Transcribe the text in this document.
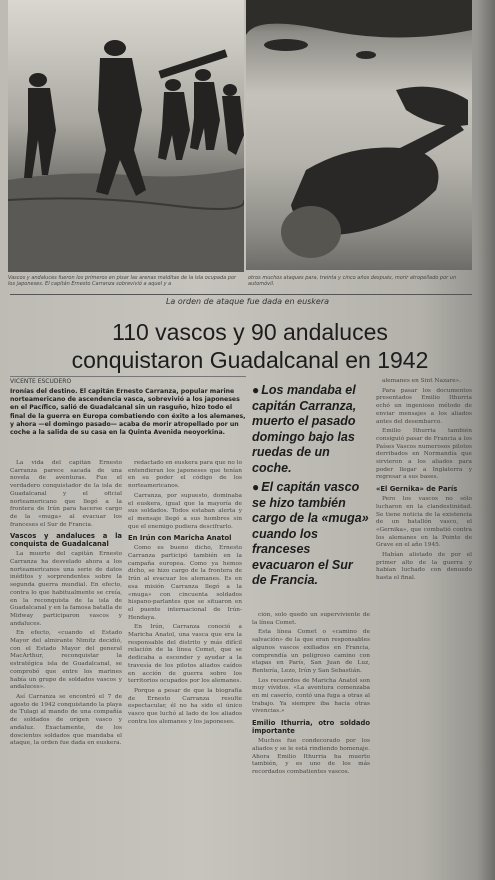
Vascos y andaluces fueron los primeros en pisar las arenas malditas de la isla ocupada por los japoneses. El capitán Ernesto Carranza sobrevivió a aquel y a
otros muchos ataques para, treinta y cinco años después, morir atropellado por un automóvil.
La orden de ataque fue dada en euskera
110 vascos y 90 andaluces
conquistaron Guadalcanal en 1942
VICENTE ESCUDERO
Ironías del destino. El capitán Ernesto Carranza, popular marine norteamericano de ascendencia vasca, sobrevivió a los japoneses en el Pacífico, salió de Guadalcanal sin un rasguño, hizo todo el final de la guerra en Europa combatiendo con éxito a los alemanes, y ahora —el domingo pasado— acaba de morir atropellado por un coche a la salida de su casa en la Quinta Avenida neoyorkina.

La vida del capitán Ernesto Carranza parece sacada de una novela de aventuras. Fue el verdadero conquistador de la isla de Guadalcanal y el oficial norteamericano que llegó a la frontera de Irún para hacerse cargo de la «muga» al evacuar los franceses el Sur de Francia.

Vascos y andaluces a la conquista de Guadalcanal

La muerte del capitán Ernesto Carranza ha desvelado ahora a los norteamericanos una serie de datos inéditos y sorprendentes sobre la segunda guerra mundial. En efecto, contra lo que habitualmente se creía, en la reconquista de la isla de Guadalcanal y en la famosa batalla de Midway participaron vascos y andaluces.

En efecto, «cuando el Estado Mayor del almirante Nimitz decidió, con el Estado Mayor del general MacArthur, reconquistar la estratégica isla de Guadalcanal, se comprobó que entre los marines había un grupo de soldados vascos y andaluces».

Así Carranza se encontró el 7 de agosto de 1942 conquistando la playa de Tulagi al mando de una compañía de soldados de origen vasco y andaluz. Exactamente, de los doscientos soldados que mandaba el ataque, la orden fue dada en euskera.

redactado en euskera para que no lo entendieran los japoneses que tenían en su poder el código de los norteamericanos.

Carranza, por supuesto, dominaba el euskera, igual que la mayoría de sus soldados. Todos estaban alerta y el mensaje llegó a sus hombres sin que el enemigo pudiera descifrarlo.

En Irún con Maricha Anatol

Como es bueno dicho, Ernesto Carranza participó también en la campaña europea. Como ya hemos dicho, se hizo cargo de la frontera de Irún al evacuar los alemanes. Es en esa misión Carranza llegó a la «muga» con cincuenta soldados hispano-parlantes que se situaron en el puente internacional de Irún-Hendaya.

En Irún, Carranza conoció a Maricha Anatol, una vasca que era la responsable del distrito y más difícil relación de la línea Comet, que se dedicaba a esconder y ayudar a la travesía de los pilotos aliados caídos en acción de guerra sobre los territorios ocupados por los alemanes.

Porque a pesar de que la biografía de Ernesto Carranza resulte espectacular, él no ha sido el único vasco que luchó al lado de los aliados contra los alemanes y los japoneses.

● Los mandaba el capitán Carranza, muerto el pasado domingo bajo las ruedas de un coche.
● El capitán vasco se hizo también cargo de la «muga» cuando los franceses evacuaron el Sur de Francia.

ción, solo quedó un superviviente de la línea Comet.

Esta línea Comet o «camino de salvación» de la que eran responsables algunos vascos exiliados en Francia, comprendía un peligroso camino con etapas en París, San Juan de Luz, Rentería, Lezo, Irún y San Sebastián.

Los recuerdos de Maricha Anatol son muy vívidos. «La aventura comenzaba en mi caserío, contó una fuga a otras al trabajo. Ya siempre iba hacia otras vivencias.»

Emilio Ithurria, otro soldado importante

Muchos fue condecorado por los aliados y se le está rindiendo homenaje. Ahora Emilio Ithurria ha muerto también, y es uno de los más recordados combatientes vascos.

alemanes en Sint Nazare».

Para pasar los documentos presentados Emilio Ithurria echó un ingenioso método de enviar mensajes a los aliados antes del desembarco.

Emilio Ithurria también consiguió pasar de Francia a los Países Vascos numerosos pilotos derribados en Normandía que sirvieron a los aliados para poder llegar a Inglaterra y regresar a sus bases.

«El Gernika» de París

Pero los vascos no sólo lucharon en la clandestinidad. Se tiene noticia de la existencia de un batallón vasco, el «Gernika», que combatió contra los alemanes en la Pointe de Grave en el año 1945.

Habían alistado de por el primer alto de la guerra y habían luchado con denuedo hasta el final.
